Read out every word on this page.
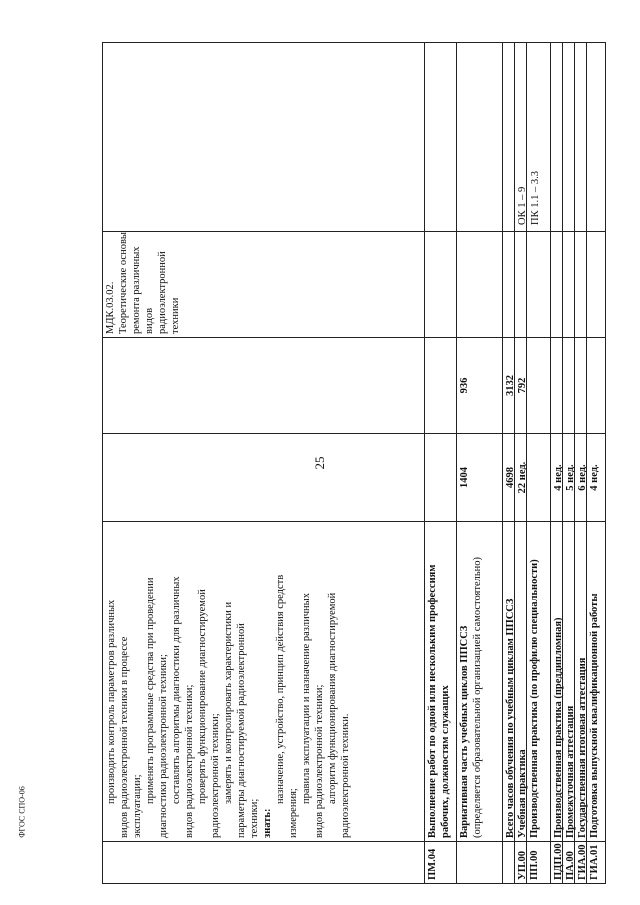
25
ФГОС СПО-06
производить контроль параметров различных видов радиоэлектронной техники в процессе эксплуатации;
применять программные средства при проведении диагностики радиоэлектронной техники; составлять алгоритмы диагностики для различных видов радиоэлектронной техники; проверять функционирование диагностируемой радиоэлектронной техники; замерять и контролировать характеристики и параметры диагностируемой радиоэлектронной техники; знать:
назначение, устройство, принцип действия средств
измерения;
правила эксплуатации и назначение различных видов радиоэлектронной техники; алгоритм функционирования диагностируемой радиоэлектронной техники.
МДК.03.02. Теоретические основы ремонта различных видов радиоэлектронной техники
ПМ.04
Выполнение работ по одной или нескольким профессиям рабочих, должностям служащих Вариативная часть учебных циклов ППССЗ (определяется образовательной организацией самостоятельно)
1404
936
Всего часов обучения по учебным циклам ППССЗ
4698
3132
УП.00
Учебная практика
22 нед.
792
ОК 1 – 9
ПК 1.1 – 3.3
ПП.00
Производственная практика (по профилю специальности)
ПДП.00
Производственная практика (преддипломная)
4 нед.
ПА.00
Промежуточная аттестация
5 нед.
ГИА.00
Государственная итоговая аттестация
6 нед.
ГИА.01
Подготовка выпускной квалификационной работы
4 нед.
